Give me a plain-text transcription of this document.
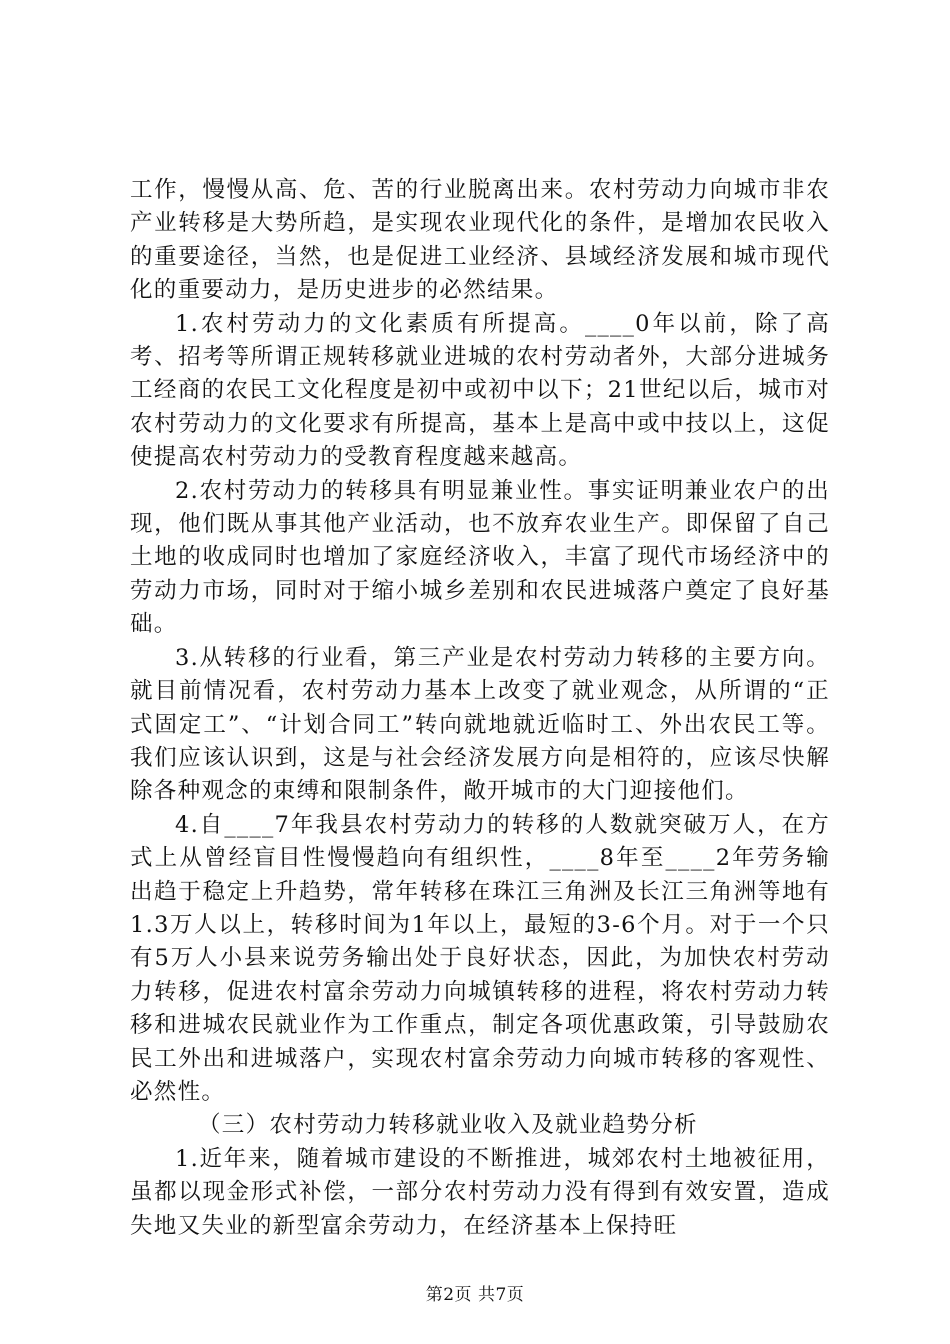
工作，慢慢从高、危、苦的行业脱离出来。农村劳动力向城市非农产业转移是大势所趋，是实现农业现代化的条件，是增加农民收入的重要途径，当然，也是促进工业经济、县域经济发展和城市现代化的重要动力，是历史进步的必然结果。

1.农村劳动力的文化素质有所提高。____0年以前，除了高考、招考等所谓正规转移就业进城的农村劳动者外，大部分进城务工经商的农民工文化程度是初中或初中以下；21世纪以后，城市对农村劳动力的文化要求有所提高，基本上是高中或中技以上，这促使提高农村劳动力的受教育程度越来越高。

2.农村劳动力的转移具有明显兼业性。事实证明兼业农户的出现，他们既从事其他产业活动，也不放弃农业生产。即保留了自己土地的收成同时也增加了家庭经济收入，丰富了现代市场经济中的劳动力市场，同时对于缩小城乡差别和农民进城落户奠定了良好基础。

3.从转移的行业看，第三产业是农村劳动力转移的主要方向。就目前情况看，农村劳动力基本上改变了就业观念，从所谓的“正式固定工”、“计划合同工”转向就地就近临时工、外出农民工等。我们应该认识到，这是与社会经济发展方向是相符的，应该尽快解除各种观念的束缚和限制条件，敞开城市的大门迎接他们。

4.自____7年我县农村劳动力的转移的人数就突破万人，在方式上从曾经盲目性慢慢趋向有组织性，____8年至____2年劳务输出趋于稳定上升趋势，常年转移在珠江三角洲及长江三角洲等地有1.3万人以上，转移时间为1年以上，最短的3-6个月。对于一个只有5万人小县来说劳务输出处于良好状态，因此，为加快农村劳动力转移，促进农村富余劳动力向城镇转移的进程，将农村劳动力转移和进城农民就业作为工作重点，制定各项优惠政策，引导鼓励农民工外出和进城落户，实现农村富余劳动力向城市转移的客观性、必然性。

（三）农村劳动力转移就业收入及就业趋势分析

1.近年来，随着城市建设的不断推进，城郊农村土地被征用，虽都以现金形式补偿，一部分农村劳动力没有得到有效安置，造成失地又失业的新型富余劳动力，在经济基本上保持旺

第2页 共7页
